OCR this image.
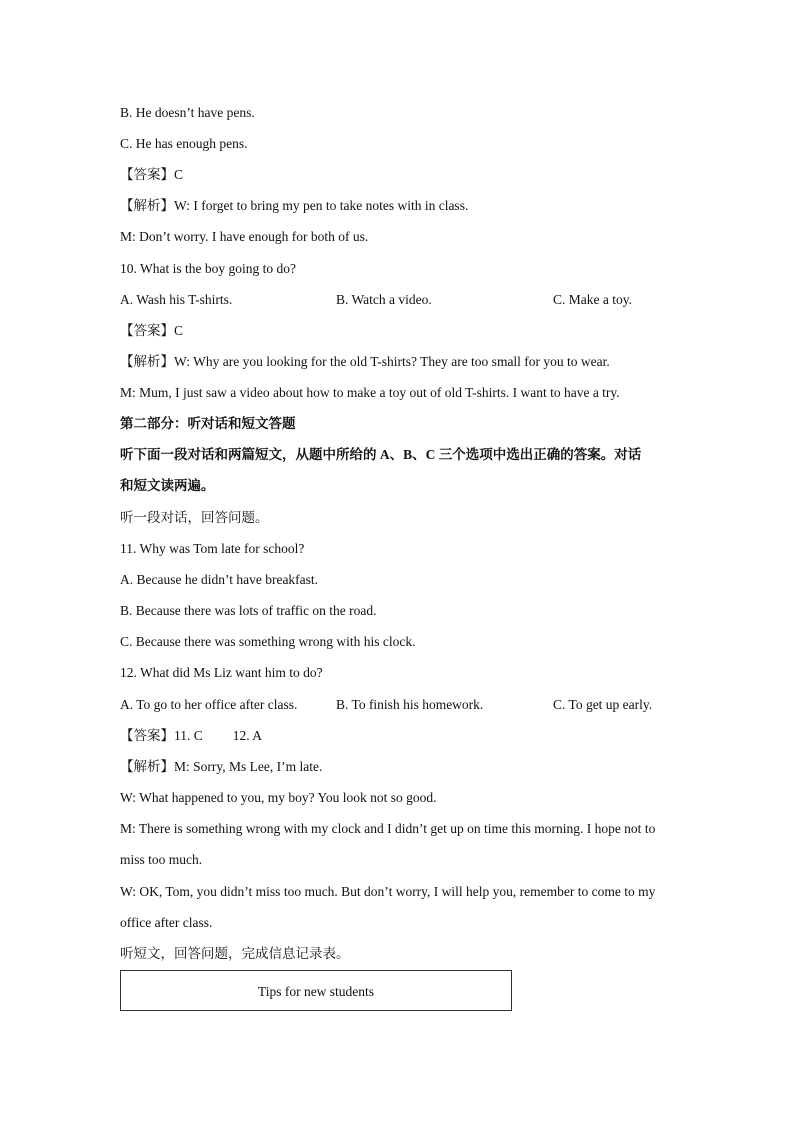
B. He doesn’t have pens.
C. He has enough pens.
【答案】C
【解析】W: I forget to bring my pen to take notes with in class.
M: Don’t worry. I have enough for both of us.
10. What is the boy going to do?
A. Wash his T-shirts.	B. Watch a video.	C. Make a toy.
【答案】C
【解析】W: Why are you looking for the old T-shirts? They are too small for you to wear.
M: Mum, I just saw a video about how to make a toy out of old T-shirts. I want to have a try.
第二部分：听对话和短文答题
听下面一段对话和两篇短文，从题中所给的 A、B、C 三个选项中选出正确的答案。对话
和短文读两遍。
听一段对话，回答问题。
11. Why was Tom late for school?
A. Because he didn’t have breakfast.
B. Because there was lots of traffic on the road.
C. Because there was something wrong with his clock.
12. What did Ms Liz want him to do?
A. To go to her office after class.	B. To finish his homework.	C. To get up early.
【答案】11. C 12. A
【解析】M: Sorry, Ms Lee, I’m late.
W: What happened to you, my boy? You look not so good.
M: There is something wrong with my clock and I didn’t get up on time this morning. I hope not to
miss too much.
W: OK, Tom, you didn’t miss too much. But don’t worry, I will help you, remember to come to my
office after class.
听短文，回答问题，完成信息记录表。
Tips for new students
